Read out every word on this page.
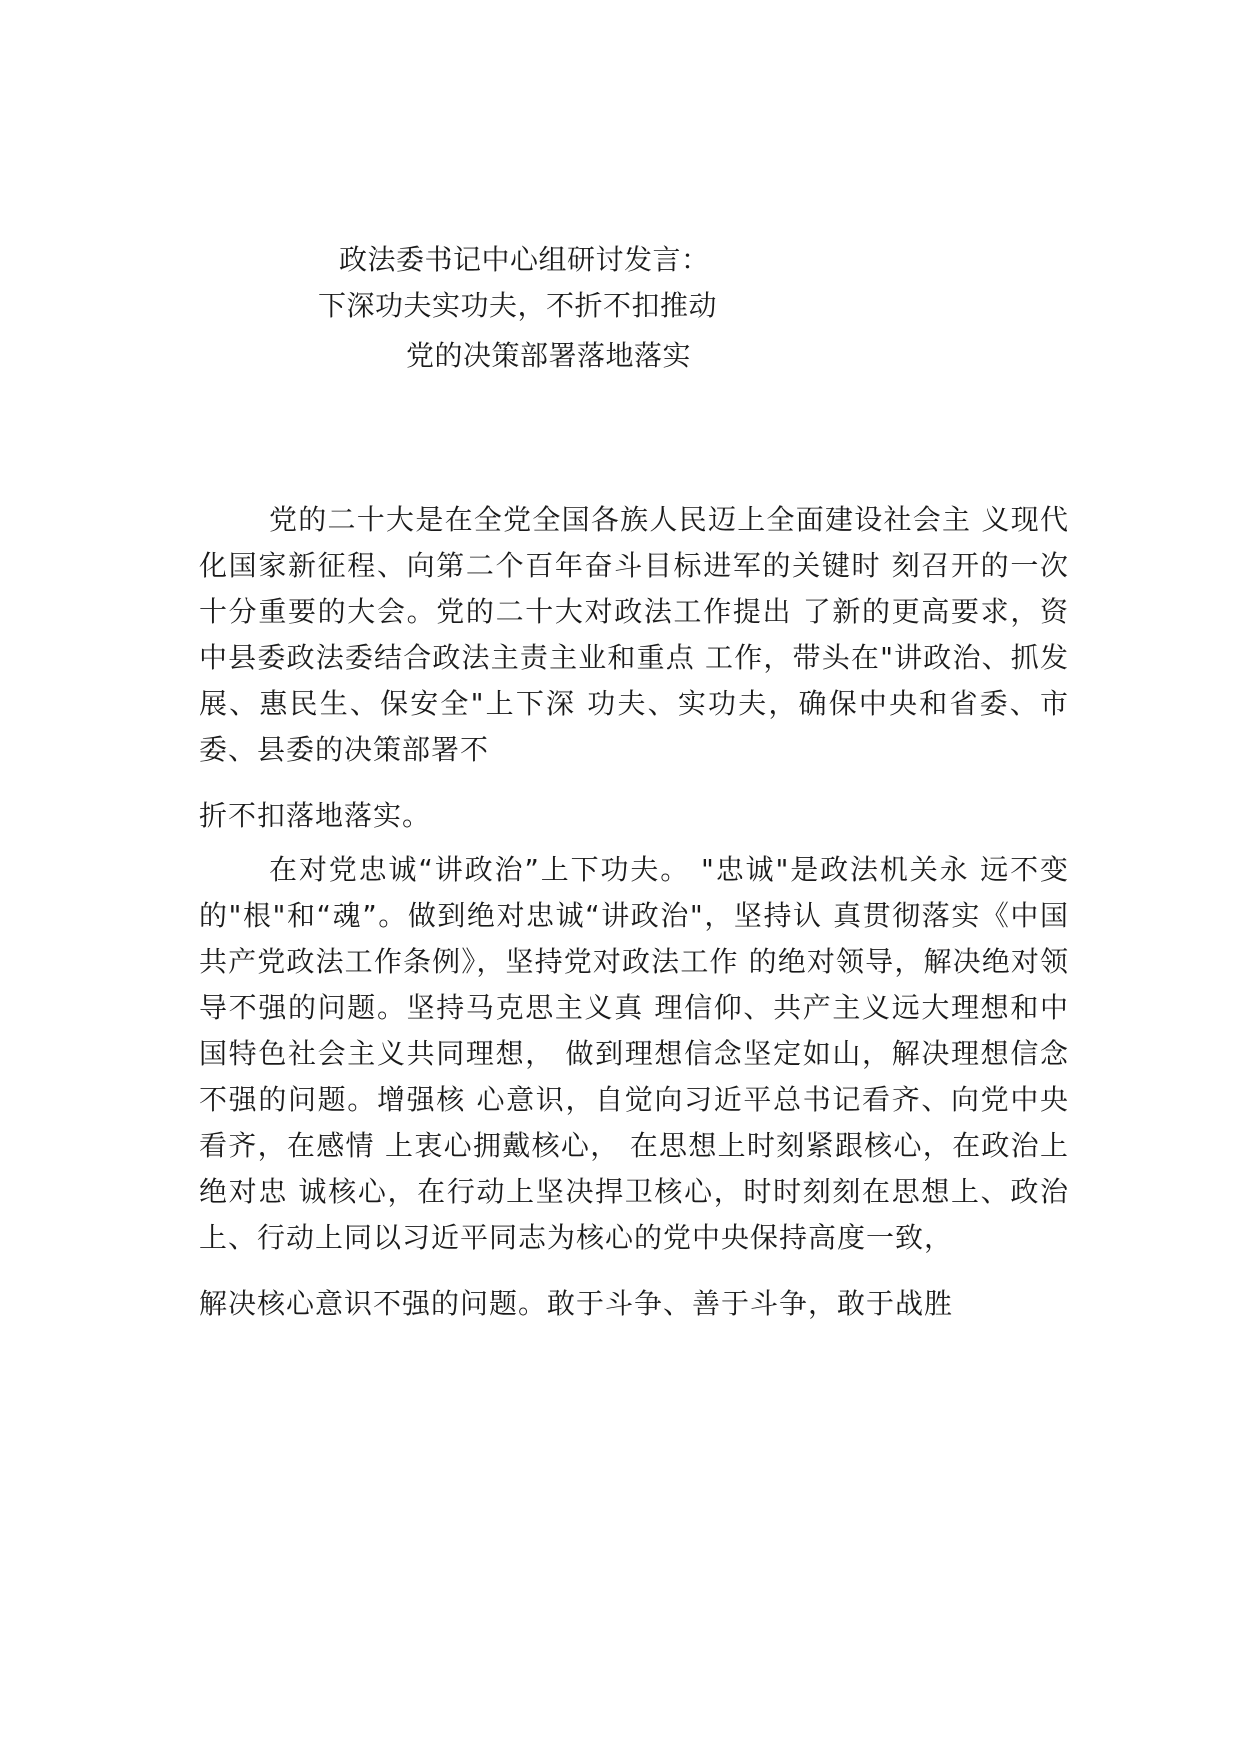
政法委书记中心组研讨发言：
下深功夫实功夫，不折不扣推动
党的决策部署落地落实

党的二十大是在全党全国各族人民迈上全面建设社会主 义现代化国家新征程、向第二个百年奋斗目标进军的关键时 刻召开的一次十分重要的大会。党的二十大对政法工作提出 了新的更高要求，资中县委政法委结合政法主责主业和重点 工作，带头在"讲政治、抓发展、惠民生、保安全"上下深 功夫、实功夫，确保中央和省委、市委、县委的决策部署不

折不扣落地落实。

在对党忠诚“讲政治”上下功夫。 "忠诚"是政法机关永 远不变的"根"和“魂”。做到绝对忠诚“讲政治"，坚持认 真贯彻落实《中国共产党政法工作条例》，坚持党对政法工作 的绝对领导，解决绝对领导不强的问题。坚持马克思主义真 理信仰、共产主义远大理想和中国特色社会主义共同理想， 做到理想信念坚定如山，解决理想信念不强的问题。增强核 心意识，自觉向习近平总书记看齐、向党中央看齐，在感情 上衷心拥戴核心， 在思想上时刻紧跟核心，在政治上绝对忠 诚核心，在行动上坚决捍卫核心，时时刻刻在思想上、政治 上、行动上同以习近平同志为核心的党中央保持高度一致，

解决核心意识不强的问题。敢于斗争、善于斗争，敢于战胜
